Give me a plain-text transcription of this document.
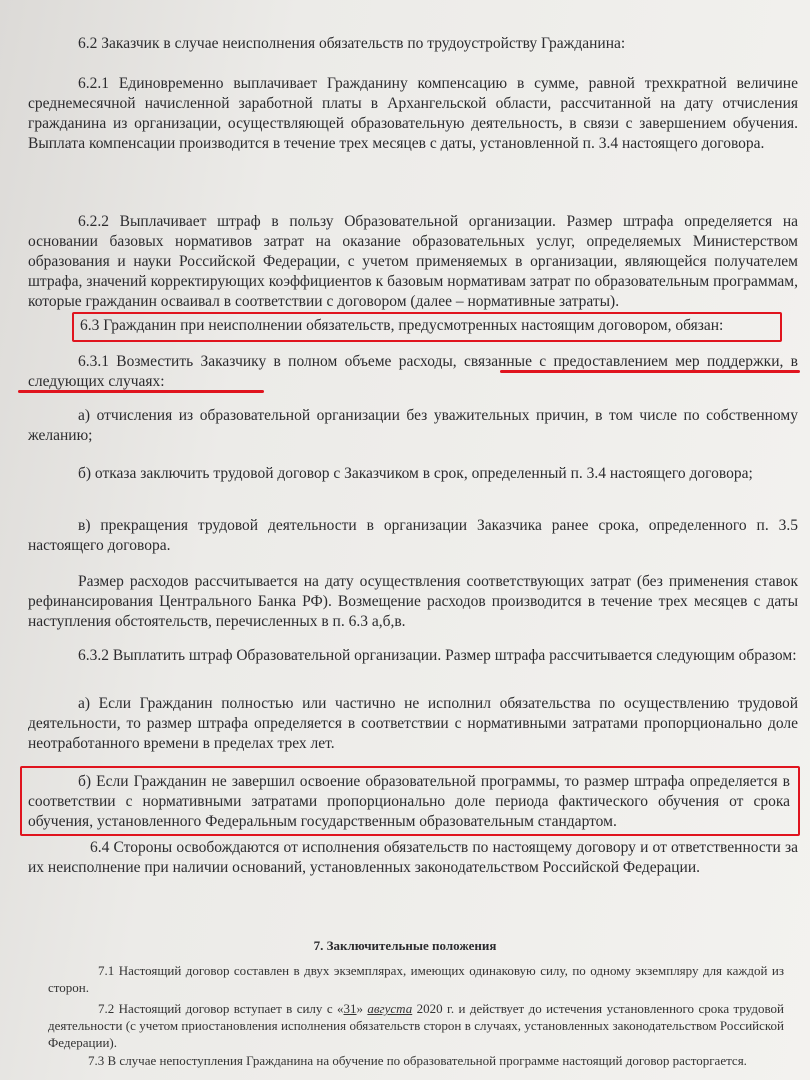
6.2 Заказчик в случае неисполнения обязательств по трудоустройству Гражданина:

6.2.1 Единовременно выплачивает Гражданину компенсацию в сумме, равной трехкратной величине среднемесячной начисленной заработной платы в Архангельской области, рассчитанной на дату отчисления гражданина из организации, осуществляющей образовательную деятельность, в связи с завершением обучения. Выплата компенсации производится в течение трех месяцев с даты, установленной п. 3.4 настоящего договора.

6.2.2 Выплачивает штраф в пользу Образовательной организации. Размер штрафа определяется на основании базовых нормативов затрат на оказание образовательных услуг, определяемых Министерством образования и науки Российской Федерации, с учетом применяемых в организации, являющейся получателем штрафа, значений корректирующих коэффициентов к базовым нормативам затрат по образовательным программам, которые гражданин осваивал в соответствии с договором (далее – нормативные затраты).

6.3 Гражданин при неисполнении обязательств, предусмотренных настоящим договором, обязан:

6.3.1 Возместить Заказчику в полном объеме расходы, связанные с предоставлением мер поддержки, в следующих случаях:

а) отчисления из образовательной организации без уважительных причин, в том числе по собственному желанию;

б) отказа заключить трудовой договор с Заказчиком в срок, определенный п. 3.4 настоящего договора;

в) прекращения трудовой деятельности в организации Заказчика ранее срока, определенного п. 3.5 настоящего договора.

Размер расходов рассчитывается на дату осуществления соответствующих затрат (без применения ставок рефинансирования Центрального Банка РФ). Возмещение расходов производится в течение трех месяцев с даты наступления обстоятельств, перечисленных в п. 6.3 а,б,в.

6.3.2 Выплатить штраф Образовательной организации. Размер штрафа рассчитывается следующим образом:

а) Если Гражданин полностью или частично не исполнил обязательства по осуществлению трудовой деятельности, то размер штрафа определяется в соответствии с нормативными затратами пропорционально доле неотработанного времени в пределах трех лет.

б) Если Гражданин не завершил освоение образовательной программы, то размер штрафа определяется в соответствии с нормативными затратами пропорционально доле периода фактического обучения от срока обучения, установленного Федеральным государственным образовательным стандартом.

6.4 Стороны освобождаются от исполнения обязательств по настоящему договору и от ответственности за их неисполнение при наличии оснований, установленных законодательством Российской Федерации.

7. Заключительные положения

7.1 Настоящий договор составлен в двух экземплярах, имеющих одинаковую силу, по одному экземпляру для каждой из сторон.

7.2 Настоящий договор вступает в силу с «31» августа 2020 г. и действует до истечения установленного срока трудовой деятельности (с учетом приостановления исполнения обязательств сторон в случаях, установленных законодательством Российской Федерации).

7.3 В случае непоступления Гражданина на обучение по образовательной программе настоящий договор расторгается.
